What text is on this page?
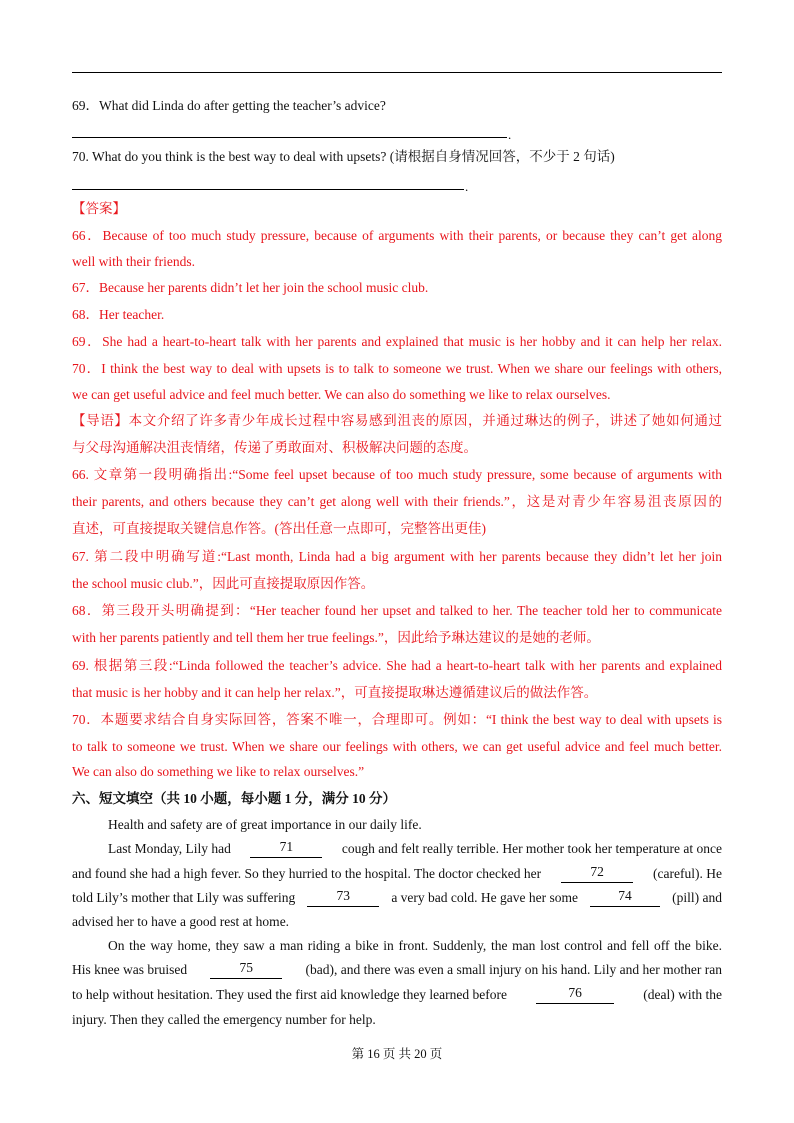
69．What did Linda do after getting the teacher’s advice?
.
70. What do you think is the best way to deal with upsets? (请根据自身情况回答，不少于 2 句话)
.
【答案】
66．Because of too much study pressure, because of arguments with their parents, or because they can’t get along
well with their friends.
67．Because her parents didn’t let her join the school music club.
68．Her teacher.
69．She had a heart-to-heart talk with her parents and explained that music is her hobby and it can help her relax.
70．I think the best way to deal with upsets is to talk to someone we trust. When we share our feelings with others,
we can get useful advice and feel much better. We can also do something we like to relax ourselves.
【导语】本文介绍了许多青少年成长过程中容易感到沮丧的原因，并通过琳达的例子，讲述了她如何通过
与父母沟通解决沮丧情绪，传递了勇敢面对、积极解决问题的态度。
66. 文章第一段明确指出:“Some feel upset because of too much study pressure, some because of arguments with
their parents, and others because they can’t get along well with their friends.”，这是对青少年容易沮丧原因的
直述，可直接提取关键信息作答。(答出任意一点即可，完整答出更佳)
67. 第二段中明确写道:“Last month, Linda had a big argument with her parents because they didn’t let her join
the school music club.”，因此可直接提取原因作答。
68．第三段开头明确提到：“Her teacher found her upset and talked to her. The teacher told her to communicate
with her parents patiently and tell them her true feelings.”，因此给予琳达建议的是她的老师。
69. 根据第三段:“Linda followed the teacher’s advice. She had a heart-to-heart talk with her parents and explained
that music is her hobby and it can help her relax.”，可直接提取琳达遵循建议后的做法作答。
70．本题要求结合自身实际回答，答案不唯一，合理即可。例如：“I think the best way to deal with upsets is
to talk to someone we trust. When we share our feelings with others, we can get useful advice and feel much better.
We can also do something we like to relax ourselves.”
六、短文填空（共 10 小题，每小题 1 分，满分 10 分）
Health and safety are of great importance in our daily life.
Last Monday, Lily had	71	cough and felt really terrible. Her mother took her temperature at once
and found she had a high fever. So they hurried to the hospital. The doctor checked her	72	(careful). He
told Lily’s mother that Lily was suffering	73	a very bad cold. He gave her some	74	(pill) and
advised her to have a good rest at home.
On the way home, they saw a man riding a bike in front. Suddenly, the man lost control and fell off the bike.
His knee was bruised	75	(bad), and there was even a small injury on his hand. Lily and her mother ran
to help without hesitation. They used the first aid knowledge they learned before	76	(deal) with the
injury. Then they called the emergency number for help.
第 16 页 共 20 页
